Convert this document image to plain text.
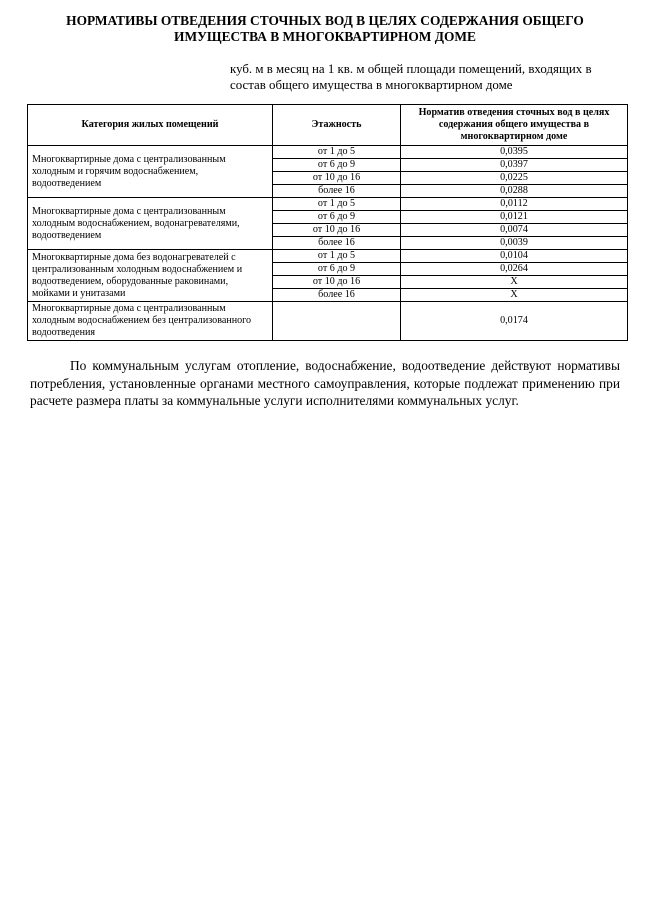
НОРМАТИВЫ ОТВЕДЕНИЯ СТОЧНЫХ ВОД В ЦЕЛЯХ СОДЕРЖАНИЯ ОБЩЕГО ИМУЩЕСТВА В МНОГОКВАРТИРНОМ ДОМЕ
куб. м в месяц на 1 кв. м общей площади помещений, входящих в состав общего имущества в многоквартирном доме
Категория жилых помещений	Этажность	Норматив отведения сточных вод в целях содержания общего имущества в многоквартирном доме
Многоквартирные дома с централизованным холодным и горячим водоснабжением, водоотведением	от 1 до 5	0,0395
	от 6 до 9	0,0397
	от 10 до 16	0,0225
	более 16	0,0288
Многоквартирные дома с централизованным холодным водоснабжением, водонагревателями, водоотведением	от 1 до 5	0,0112
	от 6 до 9	0,0121
	от 10 до 16	0,0074
	более 16	0,0039
Многоквартирные дома без водонагревателей с централизованным холодным водоснабжением и водоотведением, оборудованные раковинами, мойками и унитазами	от 1 до 5	0,0104
	от 6 до 9	0,0264
	от 10 до 16	Х
	более 16	Х
Многоквартирные дома с централизованным холодным водоснабжением без централизованного водоотведения		0,0174
По коммунальным услугам отопление, водоснабжение, водоотведение действуют нормативы потребления, установленные органами местного самоуправления, которые подлежат применению при расчете размера платы за коммунальные услуги исполнителями коммунальных услуг.
